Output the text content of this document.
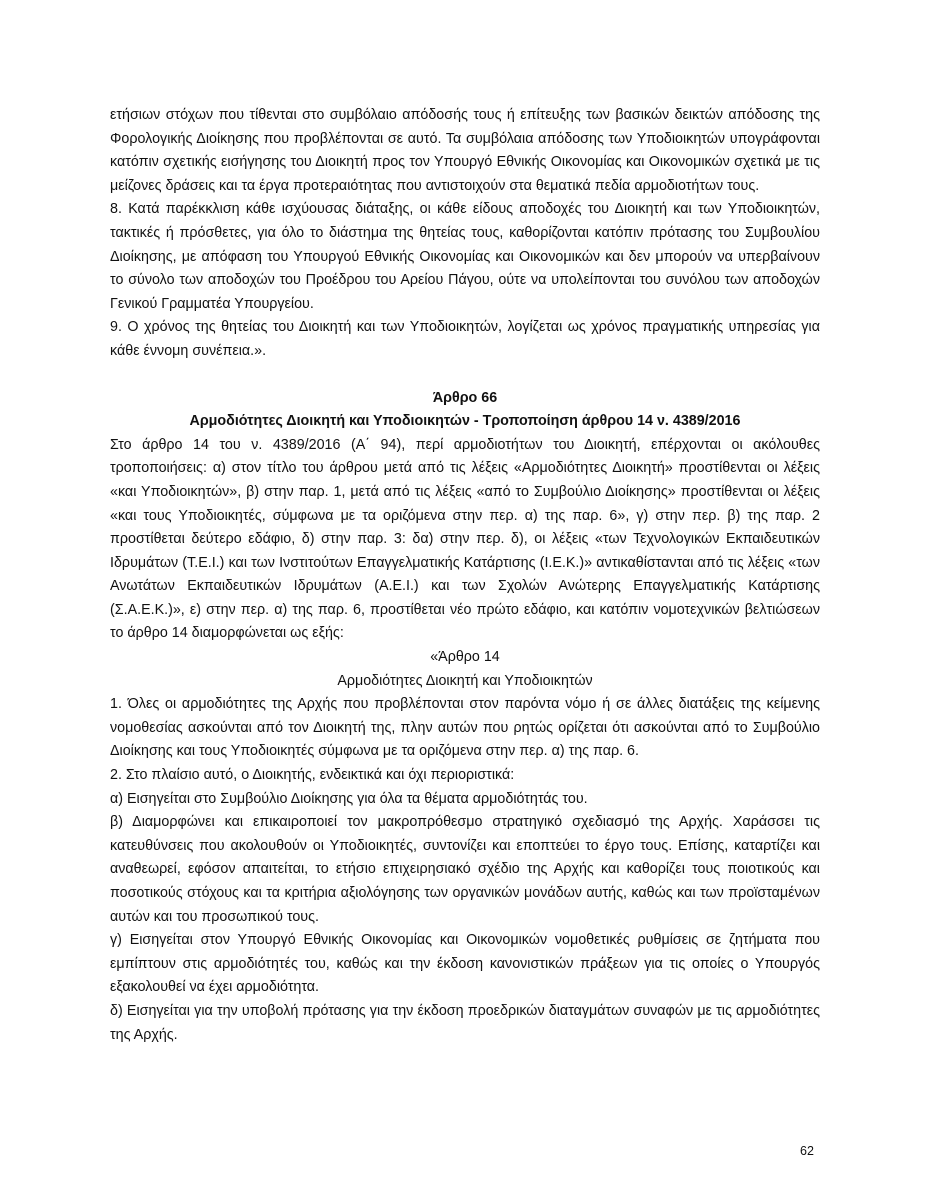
ετήσιων στόχων που τίθενται στο συμβόλαιο απόδοσής τους ή επίτευξης των βασικών δεικτών απόδοσης της Φορολογικής Διοίκησης που προβλέπονται σε αυτό. Τα συμβόλαια απόδοσης των Υποδιοικητών υπογράφονται κατόπιν σχετικής εισήγησης του Διοικητή προς τον Υπουργό Εθνικής Οικονομίας και Οικονομικών σχετικά με τις μείζονες δράσεις και τα έργα προτεραιότητας που αντιστοιχούν στα θεματικά πεδία αρμοδιοτήτων τους.

8. Κατά παρέκκλιση κάθε ισχύουσας διάταξης, οι κάθε είδους αποδοχές του Διοικητή και των Υποδιοικητών, τακτικές ή πρόσθετες, για όλο το διάστημα της θητείας τους, καθορίζονται κατόπιν πρότασης του Συμβουλίου Διοίκησης, με απόφαση του Υπουργού Εθνικής Οικονομίας και Οικονομικών και δεν μπορούν να υπερβαίνουν το σύνολο των αποδοχών του Προέδρου του Αρείου Πάγου, ούτε να υπολείπονται του συνόλου των αποδοχών Γενικού Γραμματέα Υπουργείου.

9. Ο χρόνος της θητείας του Διοικητή και των Υποδιοικητών, λογίζεται ως χρόνος πραγματικής υπηρεσίας για κάθε έννομη συνέπεια.».

Άρθρο 66

Αρμοδιότητες Διοικητή και Υποδιοικητών - Τροποποίηση άρθρου 14 ν. 4389/2016

Στο άρθρο 14 του ν. 4389/2016 (Α΄ 94), περί αρμοδιοτήτων του Διοικητή, επέρχονται οι ακόλουθες τροποποιήσεις: α) στον τίτλο του άρθρου μετά από τις λέξεις «Αρμοδιότητες Διοικητή» προστίθενται οι λέξεις «και Υποδιοικητών», β) στην παρ. 1, μετά από τις λέξεις «από το Συμβούλιο Διοίκησης» προστίθενται οι λέξεις «και τους Υποδιοικητές, σύμφωνα με τα οριζόμενα στην περ. α) της παρ. 6», γ) στην περ. β) της παρ. 2 προστίθεται δεύτερο εδάφιο, δ) στην παρ. 3: δα) στην περ. δ), οι λέξεις «των Τεχνολογικών Εκπαιδευτικών Ιδρυμάτων (Τ.Ε.Ι.) και των Ινστιτούτων Επαγγελματικής Κατάρτισης (Ι.Ε.Κ.)» αντικαθίστανται από τις λέξεις «των Ανωτάτων Εκπαιδευτικών Ιδρυμάτων (Α.Ε.Ι.) και των Σχολών Ανώτερης Επαγγελματικής Κατάρτισης (Σ.Α.Ε.Κ.)», ε) στην περ. α) της παρ. 6, προστίθεται νέο πρώτο εδάφιο, και κατόπιν νομοτεχνικών βελτιώσεων το άρθρο 14 διαμορφώνεται ως εξής:

«Άρθρο 14

Αρμοδιότητες Διοικητή και Υποδιοικητών

1. Όλες οι αρμοδιότητες της Αρχής που προβλέπονται στον παρόντα νόμο ή σε άλλες διατάξεις της κείμενης νομοθεσίας ασκούνται από τον Διοικητή της, πλην αυτών που ρητώς ορίζεται ότι ασκούνται από το Συμβούλιο Διοίκησης και τους Υποδιοικητές σύμφωνα με τα οριζόμενα στην περ. α) της παρ. 6.

2. Στο πλαίσιο αυτό, ο Διοικητής, ενδεικτικά και όχι περιοριστικά:

α) Εισηγείται στο Συμβούλιο Διοίκησης για όλα τα θέματα αρμοδιότητάς του.

β) Διαμορφώνει και επικαιροποιεί τον μακροπρόθεσμο στρατηγικό σχεδιασμό της Αρχής. Χαράσσει τις κατευθύνσεις που ακολουθούν οι Υποδιοικητές, συντονίζει και εποπτεύει το έργο τους. Επίσης, καταρτίζει και αναθεωρεί, εφόσον απαιτείται, το ετήσιο επιχειρησιακό σχέδιο της Αρχής και καθορίζει τους ποιοτικούς και ποσοτικούς στόχους και τα κριτήρια αξιολόγησης των οργανικών μονάδων αυτής, καθώς και των προϊσταμένων αυτών και του προσωπικού τους.

γ) Εισηγείται στον Υπουργό Εθνικής Οικονομίας και Οικονομικών νομοθετικές ρυθμίσεις σε ζητήματα που εμπίπτουν στις αρμοδιότητές του, καθώς και την έκδοση κανονιστικών πράξεων για τις οποίες ο Υπουργός εξακολουθεί να έχει αρμοδιότητα.

δ) Εισηγείται για την υποβολή πρότασης για την έκδοση προεδρικών διαταγμάτων συναφών με τις αρμοδιότητες της Αρχής.

62
